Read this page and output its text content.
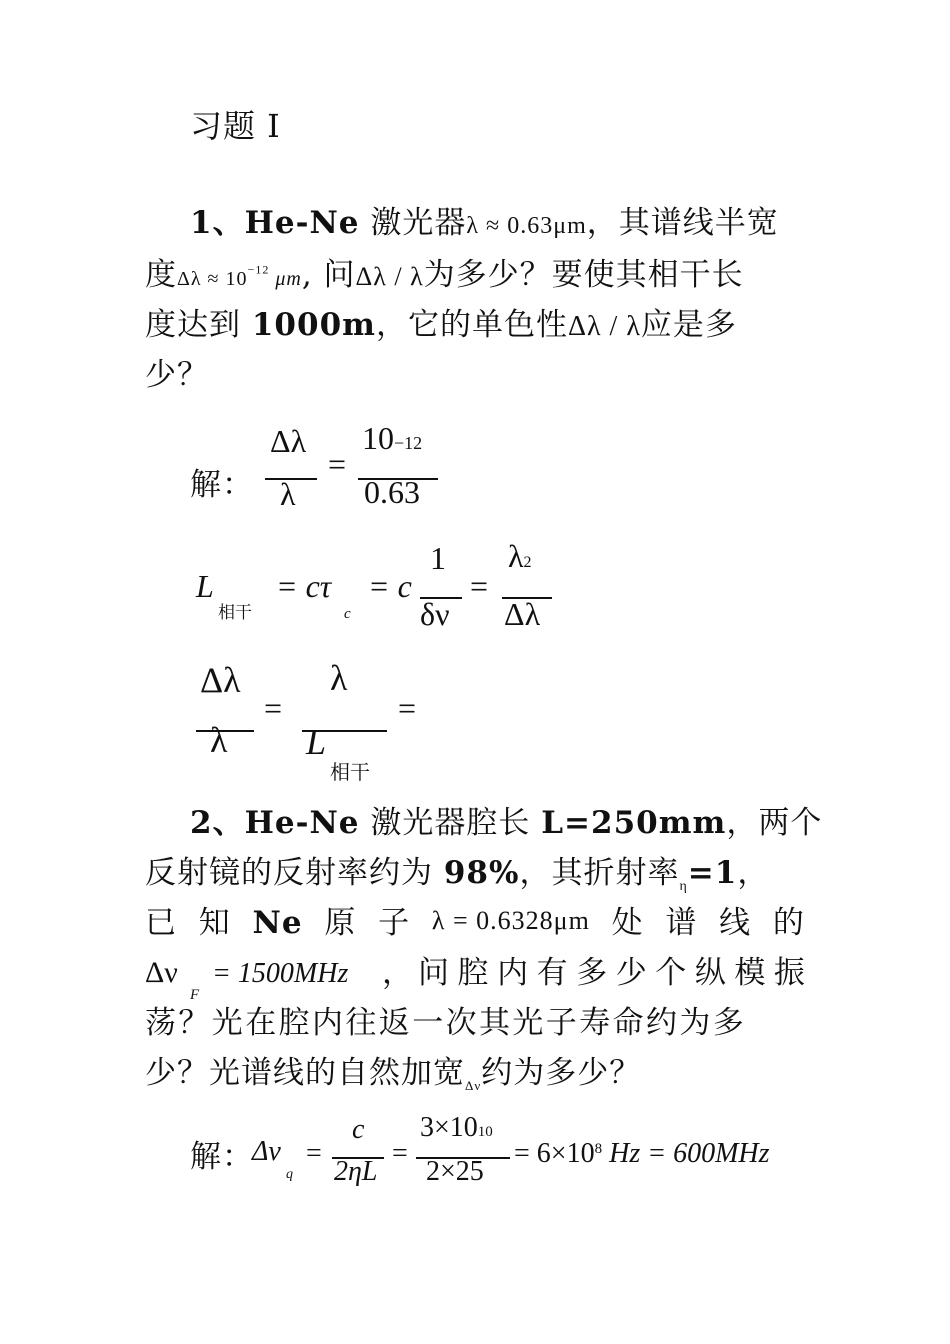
习题 I
1、He-Ne 激光器λ ≈ 0.63μm，其谱线半宽
度$\Delta\lambda \approx 10^{-12}$ μm, 问Δλ / λ为多少？要使其相干长
度达到 1000m，它的单色性Δλ / λ应是多
少？
解：
Δλ
λ
=
10−12
0.63
L
相干
= cτ
c
= c
1
δν
=
λ2
Δλ
Δλ
λ
=
λ
L
相干
=
2、He-Ne 激光器腔长 L=250mm，两个
反射镜的反射率约为 98%，其折射率$_\eta$=1，
已 知 Ne 原 子 λ = 0.6328μm 处 谱 线 的
Δν
F
= 1500MHz ， 问 腔 内 有 多 少 个 纵 模 振
荡？光在腔内往返一次其光子寿命约为多
少？光谱线的自然加宽$_{\Delta\nu}$约为多少？
解：
Δν
q
=
c
2ηL
=
3×1010
2×25
= $6\times 10^8$ Hz = 600MHz
